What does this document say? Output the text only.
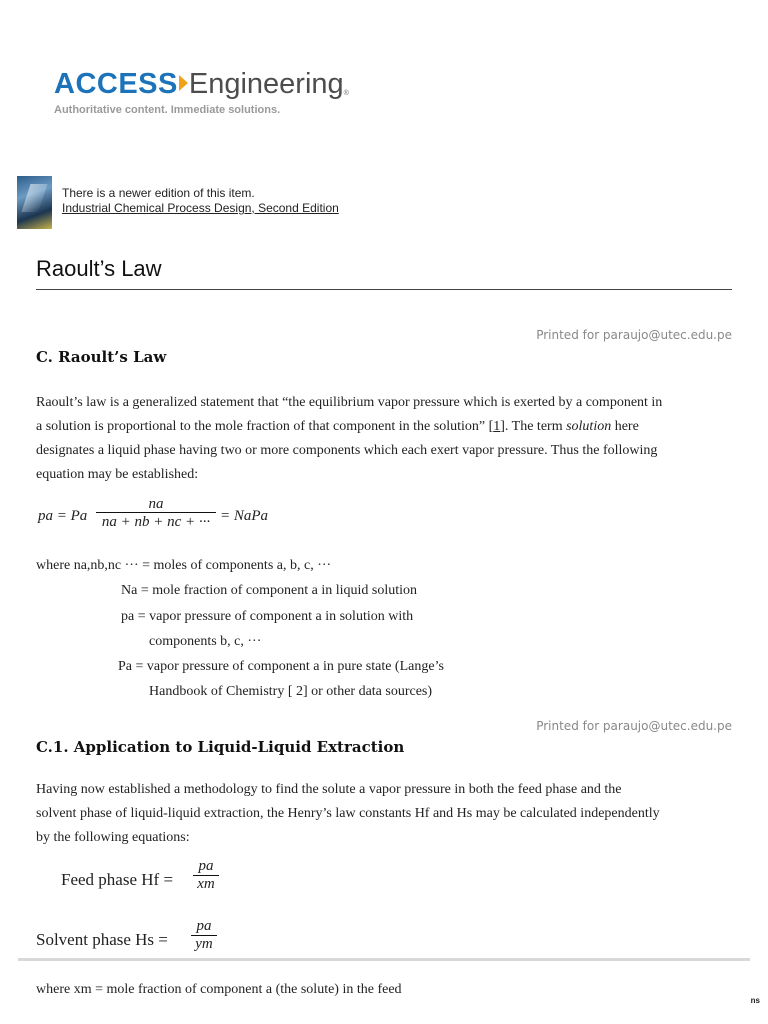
ACCESS Engineering®
Authoritative content. Immediate solutions.
There is a newer edition of this item.
Industrial Chemical Process Design, Second Edition
Raoult’s Law
Printed for paraujo@utec.edu.pe
C. Raoult’s Law
Raoult’s law is a generalized statement that “the equilibrium vapor pressure which is exerted by a component in
a solution is proportional to the mole fraction of that component in the solution” [1]. The term solution here
designates a liquid phase having two or more components which each exert vapor pressure. Thus the following
equation may be established:
pa = Pa
na
na + nb + nc + ··· = NaPa
where na,nb,nc ··· = moles of components a, b, c, ···
Na = mole fraction of component a in liquid solution
pa = vapor pressure of component a in solution with
components b, c, ···
Pa = vapor pressure of component a in pure state (Lange’s
Handbook of Chemistry [ 2] or other data sources)
Printed for paraujo@utec.edu.pe
C.1. Application to Liquid-Liquid Extraction
Having now established a methodology to find the solute a vapor pressure in both the feed phase and the
solvent phase of liquid-liquid extraction, the Henry’s law constants Hf and Hs may be calculated independently
by the following equations:
Feed phase Hf =
pa
xm
Solvent phase Hs =
pa
ym
where xm = mole fraction of component a (the solute) in the feed
ns
